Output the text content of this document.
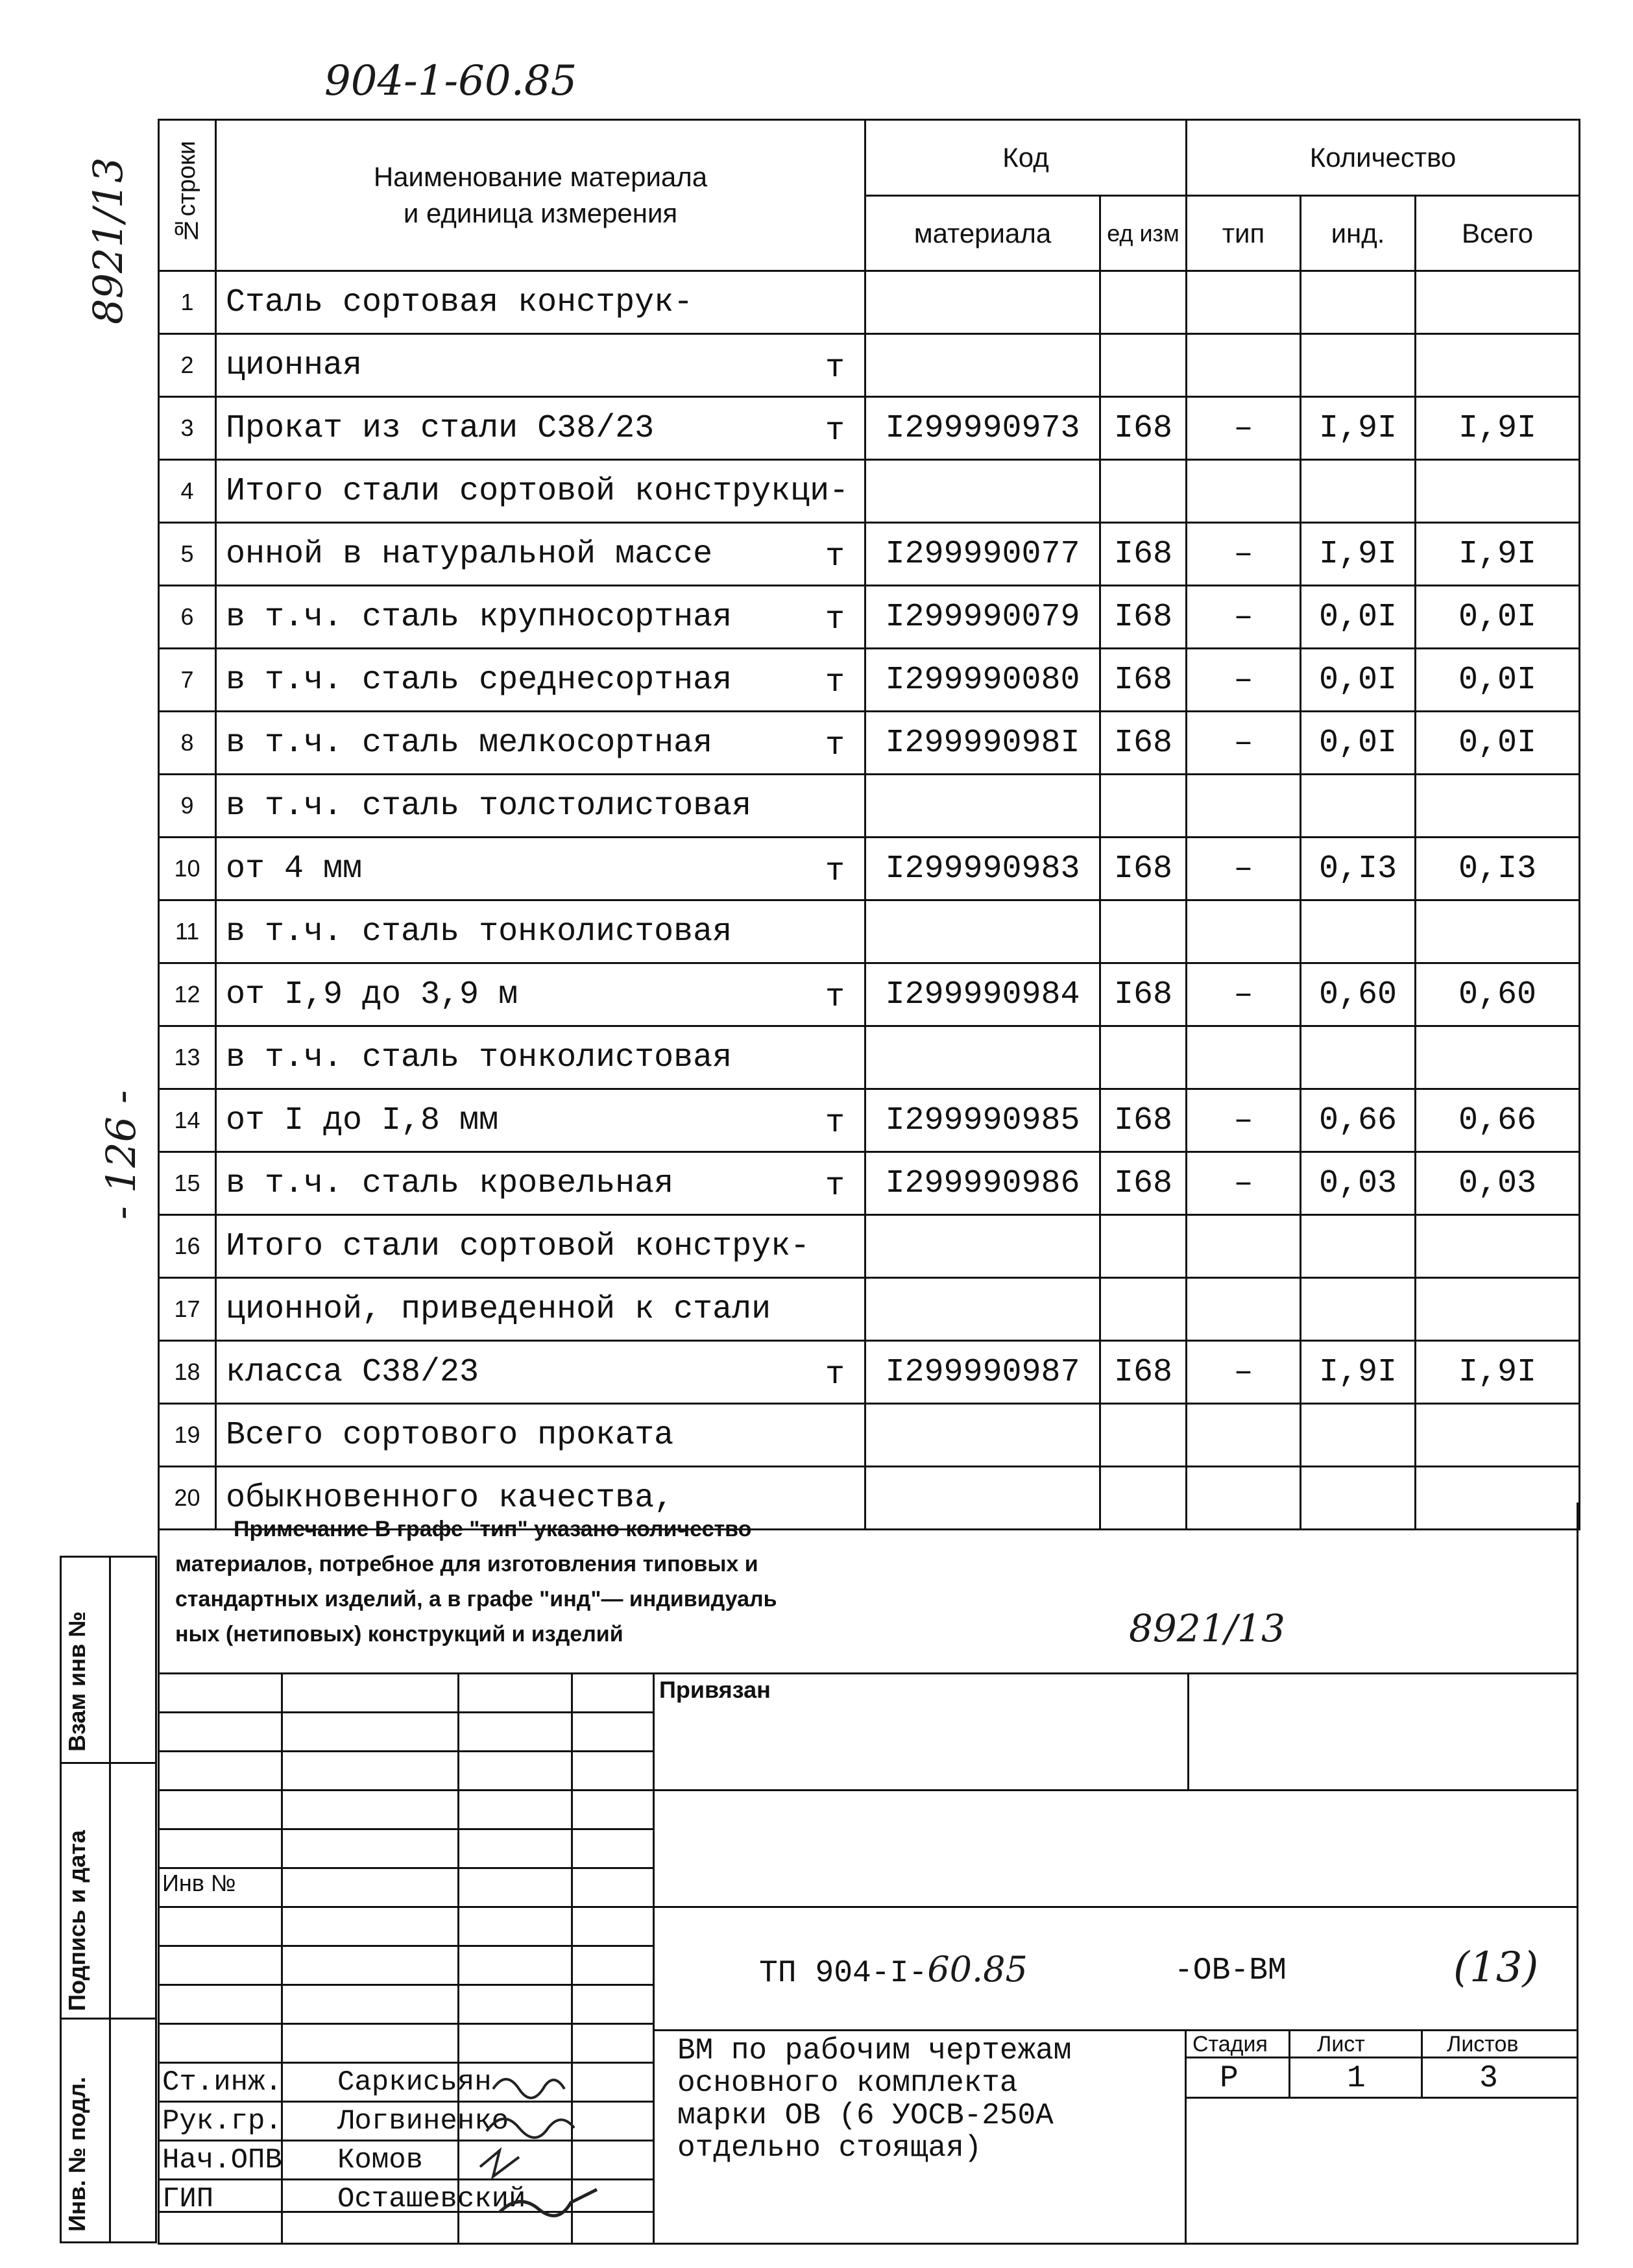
904-1-60.85
8921/13
- 126 -
№строки	Наименование материала
и единица измерения	Код		Количество		
		материала	ед изм	тип	инд.	Всего
1	Сталь сортовая конструк-

2	ционная т					

3	Прокат из стали С38/23 т	I299990973	I68	–	I,9I	I,9I
4	Итого стали сортовой конструкци-

5	онной в натуральной массе т	I299990077	I68	–	I,9I	I,9I
6	в т.ч. сталь крупносортная т	I299990079	I68	–	0,0I	0,0I
7	в т.ч. сталь среднесортная т	I299990080	I68	–	0,0I	0,0I
8	в т.ч. сталь мелкосортная т	I29999098I	I68	–	0,0I	0,0I
9	в т.ч. сталь толстолистовая

10	от 4 мм т	I299990983	I68	–	0,I3	0,I3
11	в т.ч. сталь тонколистовая

12	от I,9 до 3,9 м т	I299990984	I68	–	0,60	0,60
13	в т.ч. сталь тонколистовая

14	от I до I,8 мм т	I299990985	I68	–	0,66	0,66
15	в т.ч. сталь кровельная т	I299990986	I68	–	0,03	0,03
16	Итого стали сортовой конструк-

17	ционной, приведенной к стали

18	класса С38/23 т	I299990987	I68	–	I,9I	I,9I
19	Всего сортового проката

20	обыкновенного качества,

Взам инв №
Подпись и дата
Инв. № подл.
Примечание В графе "тип" указано количество
материалов, потребное для изготовления типовых и
стандартных изделий, а в графе "инд"— индивидуаль
ных (нетиповых) конструкций и изделий	8921/13
Привязан
Инв №
ТП 904-I-60.85	-ОВ-ВМ	(13)
ВМ по рабочим чертежам
основного комплекта
марки ОВ (6 УОСВ-250А
отдельно стоящая)
Стадия Лист	Листов
Р	1	3
Ст.инж. Саркисьян
Рук.гр. Логвиненко
Нач.ОПВ Комов
ГИП	Осташевский
